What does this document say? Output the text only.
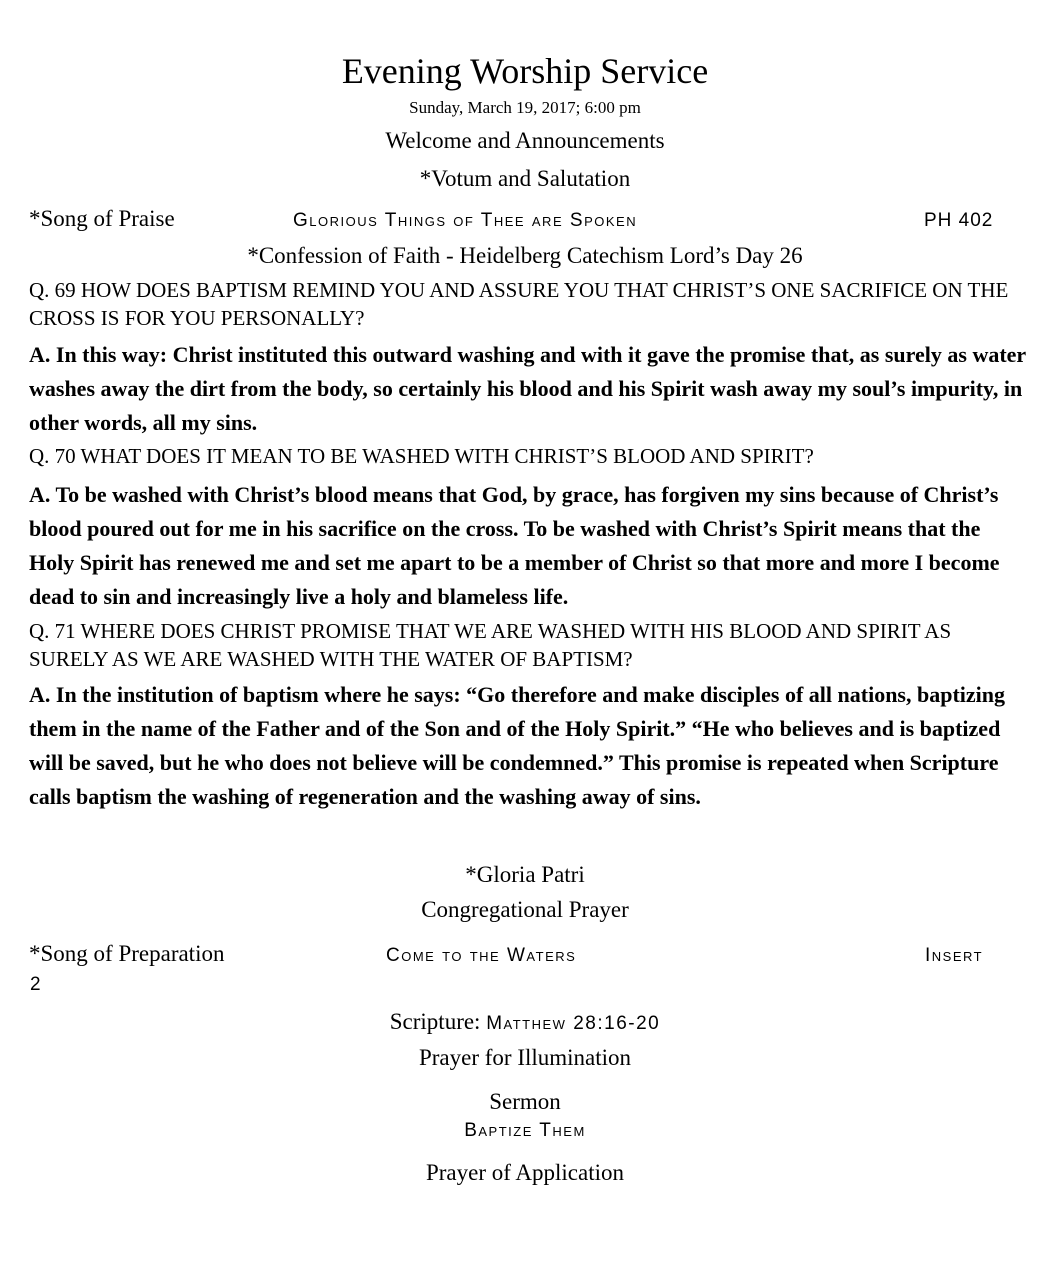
Evening Worship Service
Sunday, March 19, 2017; 6:00 pm
Welcome and Announcements
*Votum and Salutation
*Song of Praise	Glorious Things of Thee are Spoken	PH 402
*Confession of Faith - Heidelberg Catechism Lord’s Day 26
Q. 69 HOW DOES BAPTISM REMIND YOU AND ASSURE YOU THAT CHRIST’S ONE SACRIFICE ON THE CROSS IS FOR YOU PERSONALLY?
A. In this way: Christ instituted this outward washing and with it gave the promise that, as surely as water washes away the dirt from the body, so certainly his blood and his Spirit wash away my soul’s impurity, in other words, all my sins.
Q. 70 WHAT DOES IT MEAN TO BE WASHED WITH CHRIST’S BLOOD AND SPIRIT?
A. To be washed with Christ’s blood means that God, by grace, has forgiven my sins because of Christ’s blood poured out for me in his sacrifice on the cross. To be washed with Christ’s Spirit means that the Holy Spirit has renewed me and set me apart to be a member of Christ so that more and more I become dead to sin and increasingly live a holy and blameless life.
Q. 71 WHERE DOES CHRIST PROMISE THAT WE ARE WASHED WITH HIS BLOOD AND SPIRIT AS SURELY AS WE ARE WASHED WITH THE WATER OF BAPTISM?
A. In the institution of baptism where he says: “Go therefore and make disciples of all nations, baptizing them in the name of the Father and of the Son and of the Holy Spirit.” “He who believes and is baptized will be saved, but he who does not believe will be condemned.” This promise is repeated when Scripture calls baptism the washing of regeneration and the washing away of sins.
*Gloria Patri
Congregational Prayer
*Song of Preparation	Come to the Waters	Insert
2
Scripture: Matthew 28:16-20
Prayer for Illumination
Sermon
Baptize Them
Prayer of Application
